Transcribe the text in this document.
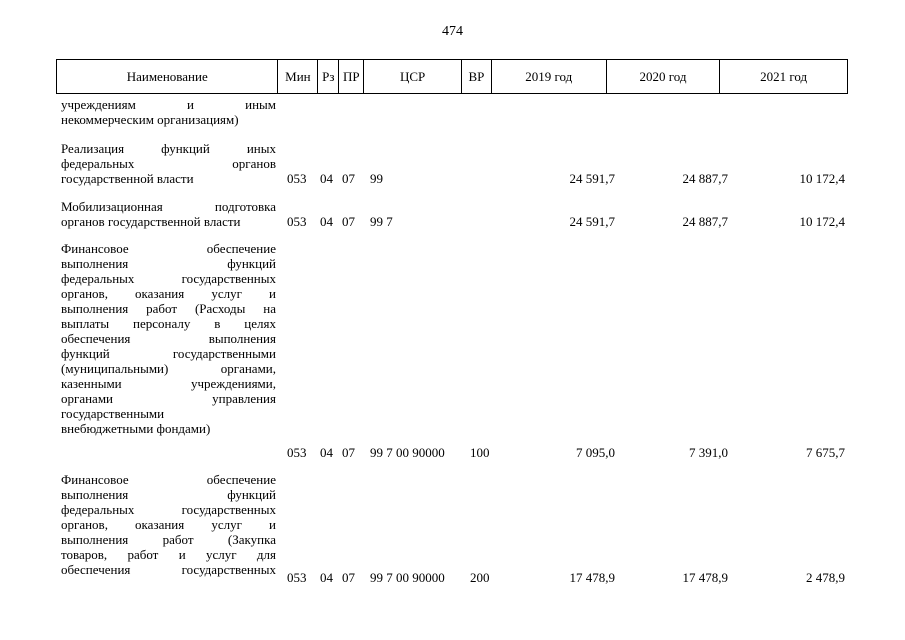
474
Наименование	Мин Рз ПР	ЦСР	ВР	2019 год	2020 год	2021 год
учреждениям и иным
некоммерческим организациям)
Реализация функций иных
федеральных органов
государственной власти	053 04 07 99	24 591,7	24 887,7	10 172,4
Мобилизационная подготовка
органов государственной власти	053 04 07 99 7	24 591,7	24 887,7	10 172,4
Финансовое обеспечение
выполнения функций
федеральных государственных
органов, оказания услуг и
выполнения работ (Расходы на
выплаты персоналу в целях
обеспечения выполнения
функций государственными
(муниципальными) органами,
казенными учреждениями,
органами управления
государственными
внебюджетными фондами)
053 04 07 99 7 00 90000 100	7 095,0	7 391,0	7 675,7
Финансовое обеспечение
выполнения функций
федеральных государственных
органов, оказания услуг и
выполнения работ (Закупка
товаров, работ и услуг для
обеспечения государственных
053 04 07 99 7 00 90000 200	17 478,9	17 478,9	2 478,9
